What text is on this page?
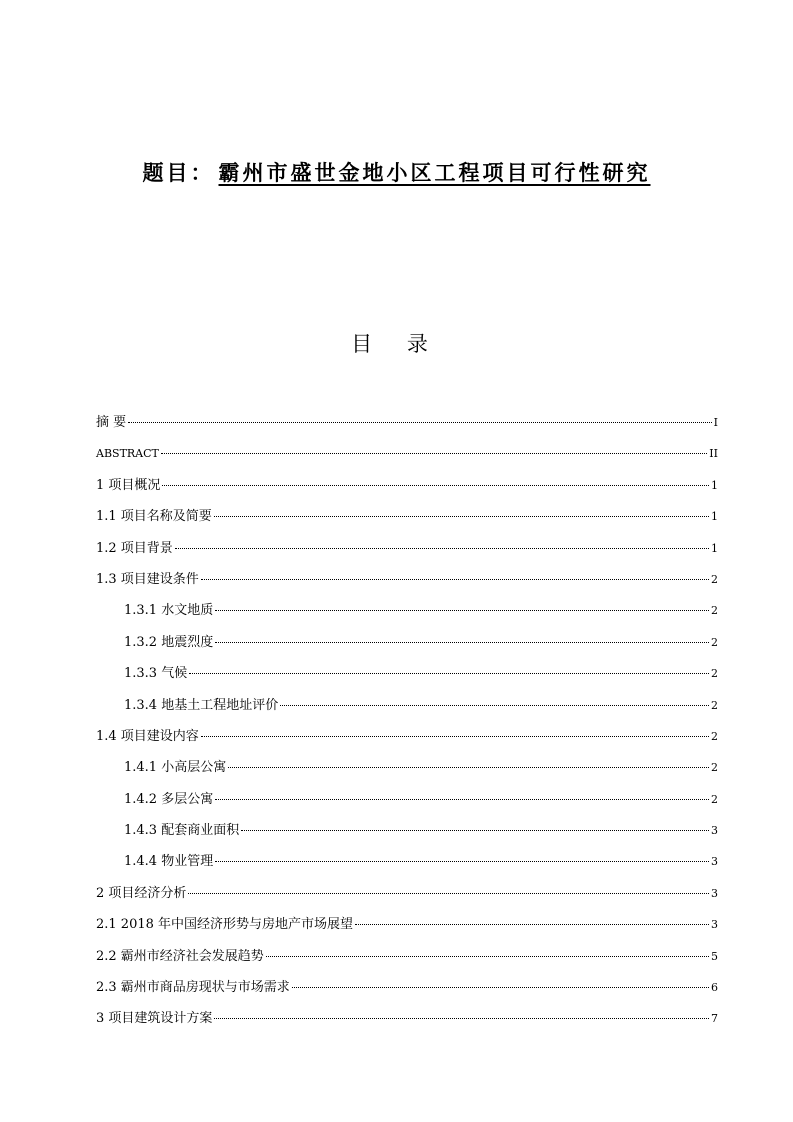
题目： 霸州市盛世金地小区工程项目可行性研究
目 录
摘 要	I
ABSTRACT	II
1 项目概况	1
1.1 项目名称及简要	1
1.2 项目背景	1
1.3 项目建设条件	2
1.3.1 水文地质	2
1.3.2 地震烈度	2
1.3.3 气候	2
1.3.4 地基土工程地址评价	2
1.4 项目建设内容	2
1.4.1 小高层公寓	2
1.4.2 多层公寓	2
1.4.3 配套商业面积	3
1.4.4 物业管理	3
2 项目经济分析	3
2.1 2018 年中国经济形势与房地产市场展望	3
2.2 霸州市经济社会发展趋势	5
2.3 霸州市商品房现状与市场需求	6
3 项目建筑设计方案	7
